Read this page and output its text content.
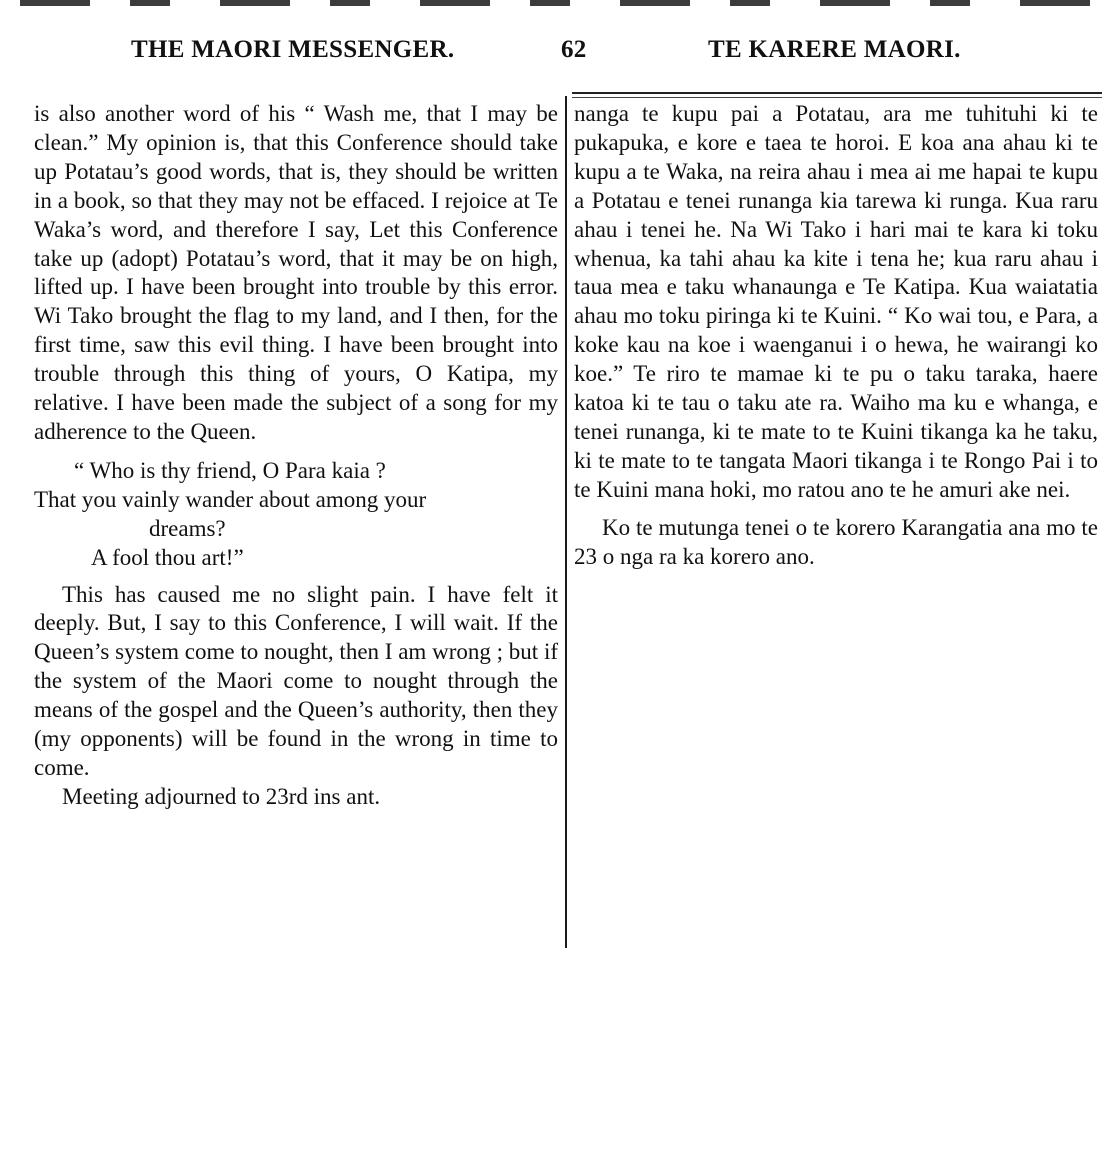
THE MAORI MESSENGER.	62	TE KARERE MAORI.

is also another word of his “ Wash me, that I may be clean.” My opinion is, that this Conference should take up Potatau’s good words, that is, they should be written in a book, so that they may not be effaced. I rejoice at Te Waka’s word, and therefore I say, Let this Conference take up (adopt) Potatau’s word, that it may be on high, lifted up. I have been brought into trouble by this error. Wi Tako brought the flag to my land, and I then, for the first time, saw this evil thing. I have been brought into trouble through this thing of yours, O Katipa, my relative. I have been made the subject of a song for my adherence to the Queen.

“ Who is thy friend, O Para kaia ?
That you vainly wander about among your
dreams?
A fool thou art!”

This has caused me no slight pain. I have felt it deeply. But, I say to this Conference, I will wait. If the Queen’s system come to nought, then I am wrong ; but if the system of the Maori come to nought through the means of the gospel and the Queen’s authority, then they (my opponents) will be found in the wrong in time to come.

Meeting adjourned to 23rd ins ant.

nanga te kupu pai a Potatau, ara me tuhituhi ki te pukapuka, e kore e taea te horoi. E koa ana ahau ki te kupu a te Waka, na reira ahau i mea ai me hapai te kupu a Potatau e tenei runanga kia tarewa ki runga. Kua raru ahau i tenei he. Na Wi Tako i hari mai te kara ki toku whenua, ka tahi ahau ka kite i tena he; kua raru ahau i taua mea e taku whanaunga e Te Katipa. Kua waiatatia ahau mo toku piringa ki te Kuini. “ Ko wai tou, e Para, a koke kau na koe i waenganui i o hewa, he wairangi ko koe.” Te riro te mamae ki te pu o taku taraka, haere katoa ki te tau o taku ate ra. Waiho ma ku e whanga, e tenei runanga, ki te mate to te Kuini tikanga ka he taku, ki te mate to te tangata Maori tikanga i te Rongo Pai i to te Kuini mana hoki, mo ratou ano te he amuri ake nei.

Ko te mutunga tenei o te korero Karangatia ana mo te 23 o nga ra ka korero ano.
